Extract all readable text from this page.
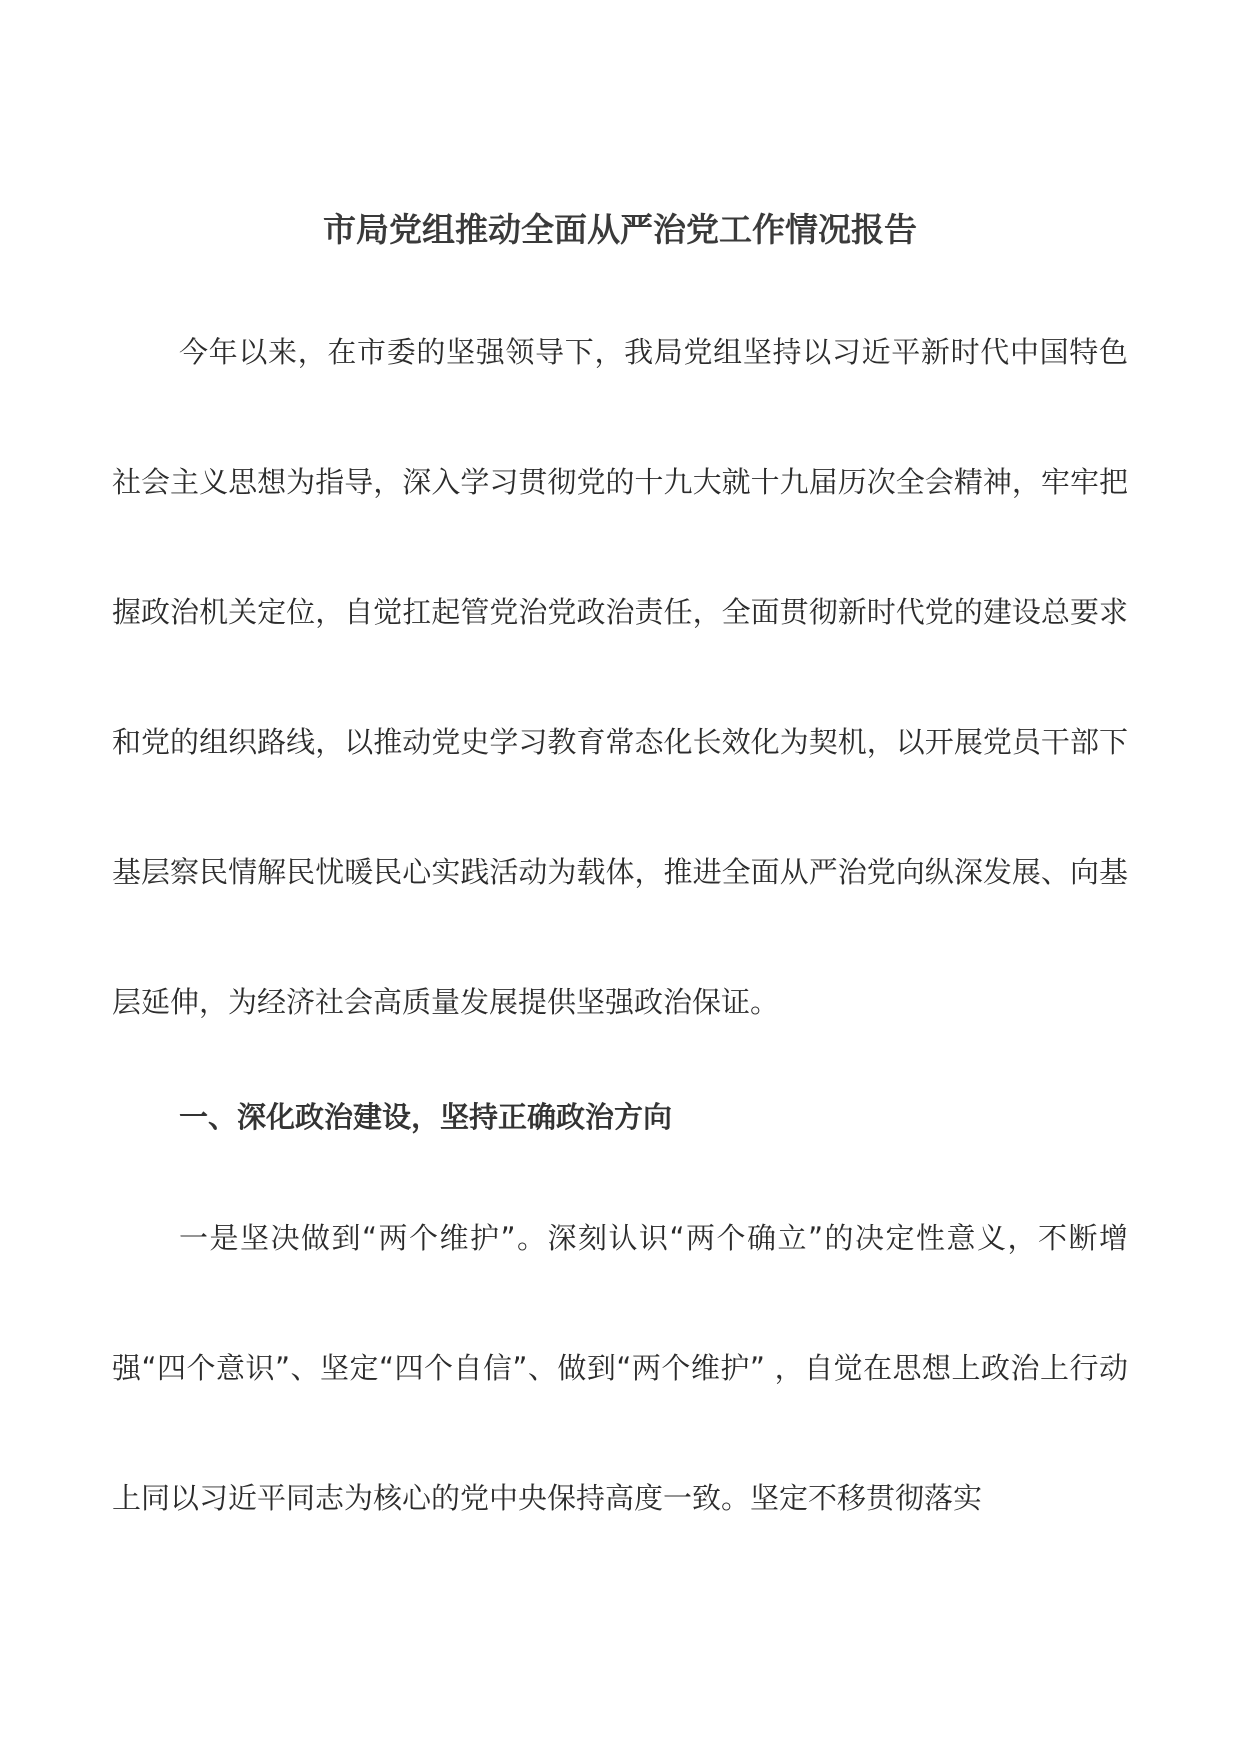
市局党组推动全面从严治党工作情况报告

今年以来，在市委的坚强领导下，我局党组坚持以习近平新时代中国特色社会主义思想为指导，深入学习贯彻党的十九大就十九届历次全会精神，牢牢把握政治机关定位，自觉扛起管党治党政治责任，全面贯彻新时代党的建设总要求和党的组织路线，以推动党史学习教育常态化长效化为契机，以开展党员干部下基层察民情解民忧暖民心实践活动为载体，推进全面从严治党向纵深发展、向基层延伸，为经济社会高质量发展提供坚强政治保证。

一、深化政治建设，坚持正确政治方向

一是坚决做到“两个维护”。深刻认识“两个确立”的决定性意义，不断增强“四个意识”、坚定“四个自信”、做到“两个维护” ，自觉在思想上政治上行动上同以习近平同志为核心的党中央保持高度一致。坚定不移贯彻落实
